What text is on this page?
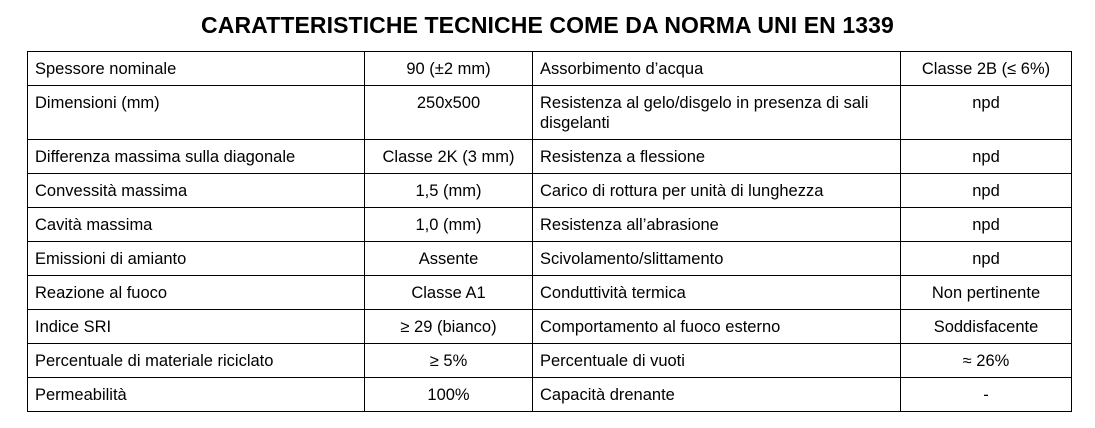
CARATTERISTICHE TECNICHE COME DA NORMA UNI EN 1339
Spessore nominale	90 (±2 mm)	Assorbimento d’acqua	Classe 2B (≤ 6%)
Dimensioni (mm)	250x500	Resistenza al gelo/disgelo in presenza di sali disgelanti	npd
Differenza massima sulla diagonale	Classe 2K (3 mm)	Resistenza a flessione	npd
Convessità massima	1,5 (mm)	Carico di rottura per unità di lunghezza	npd
Cavità massima	1,0 (mm)	Resistenza all’abrasione	npd
Emissioni di amianto	Assente	Scivolamento/slittamento	npd
Reazione al fuoco	Classe A1	Conduttività termica	Non pertinente
Indice SRI	≥ 29 (bianco)	Comportamento al fuoco esterno	Soddisfacente
Percentuale di materiale riciclato	≥ 5%	Percentuale di vuoti	≈ 26%
Permeabilità	100%	Capacità drenante	-
